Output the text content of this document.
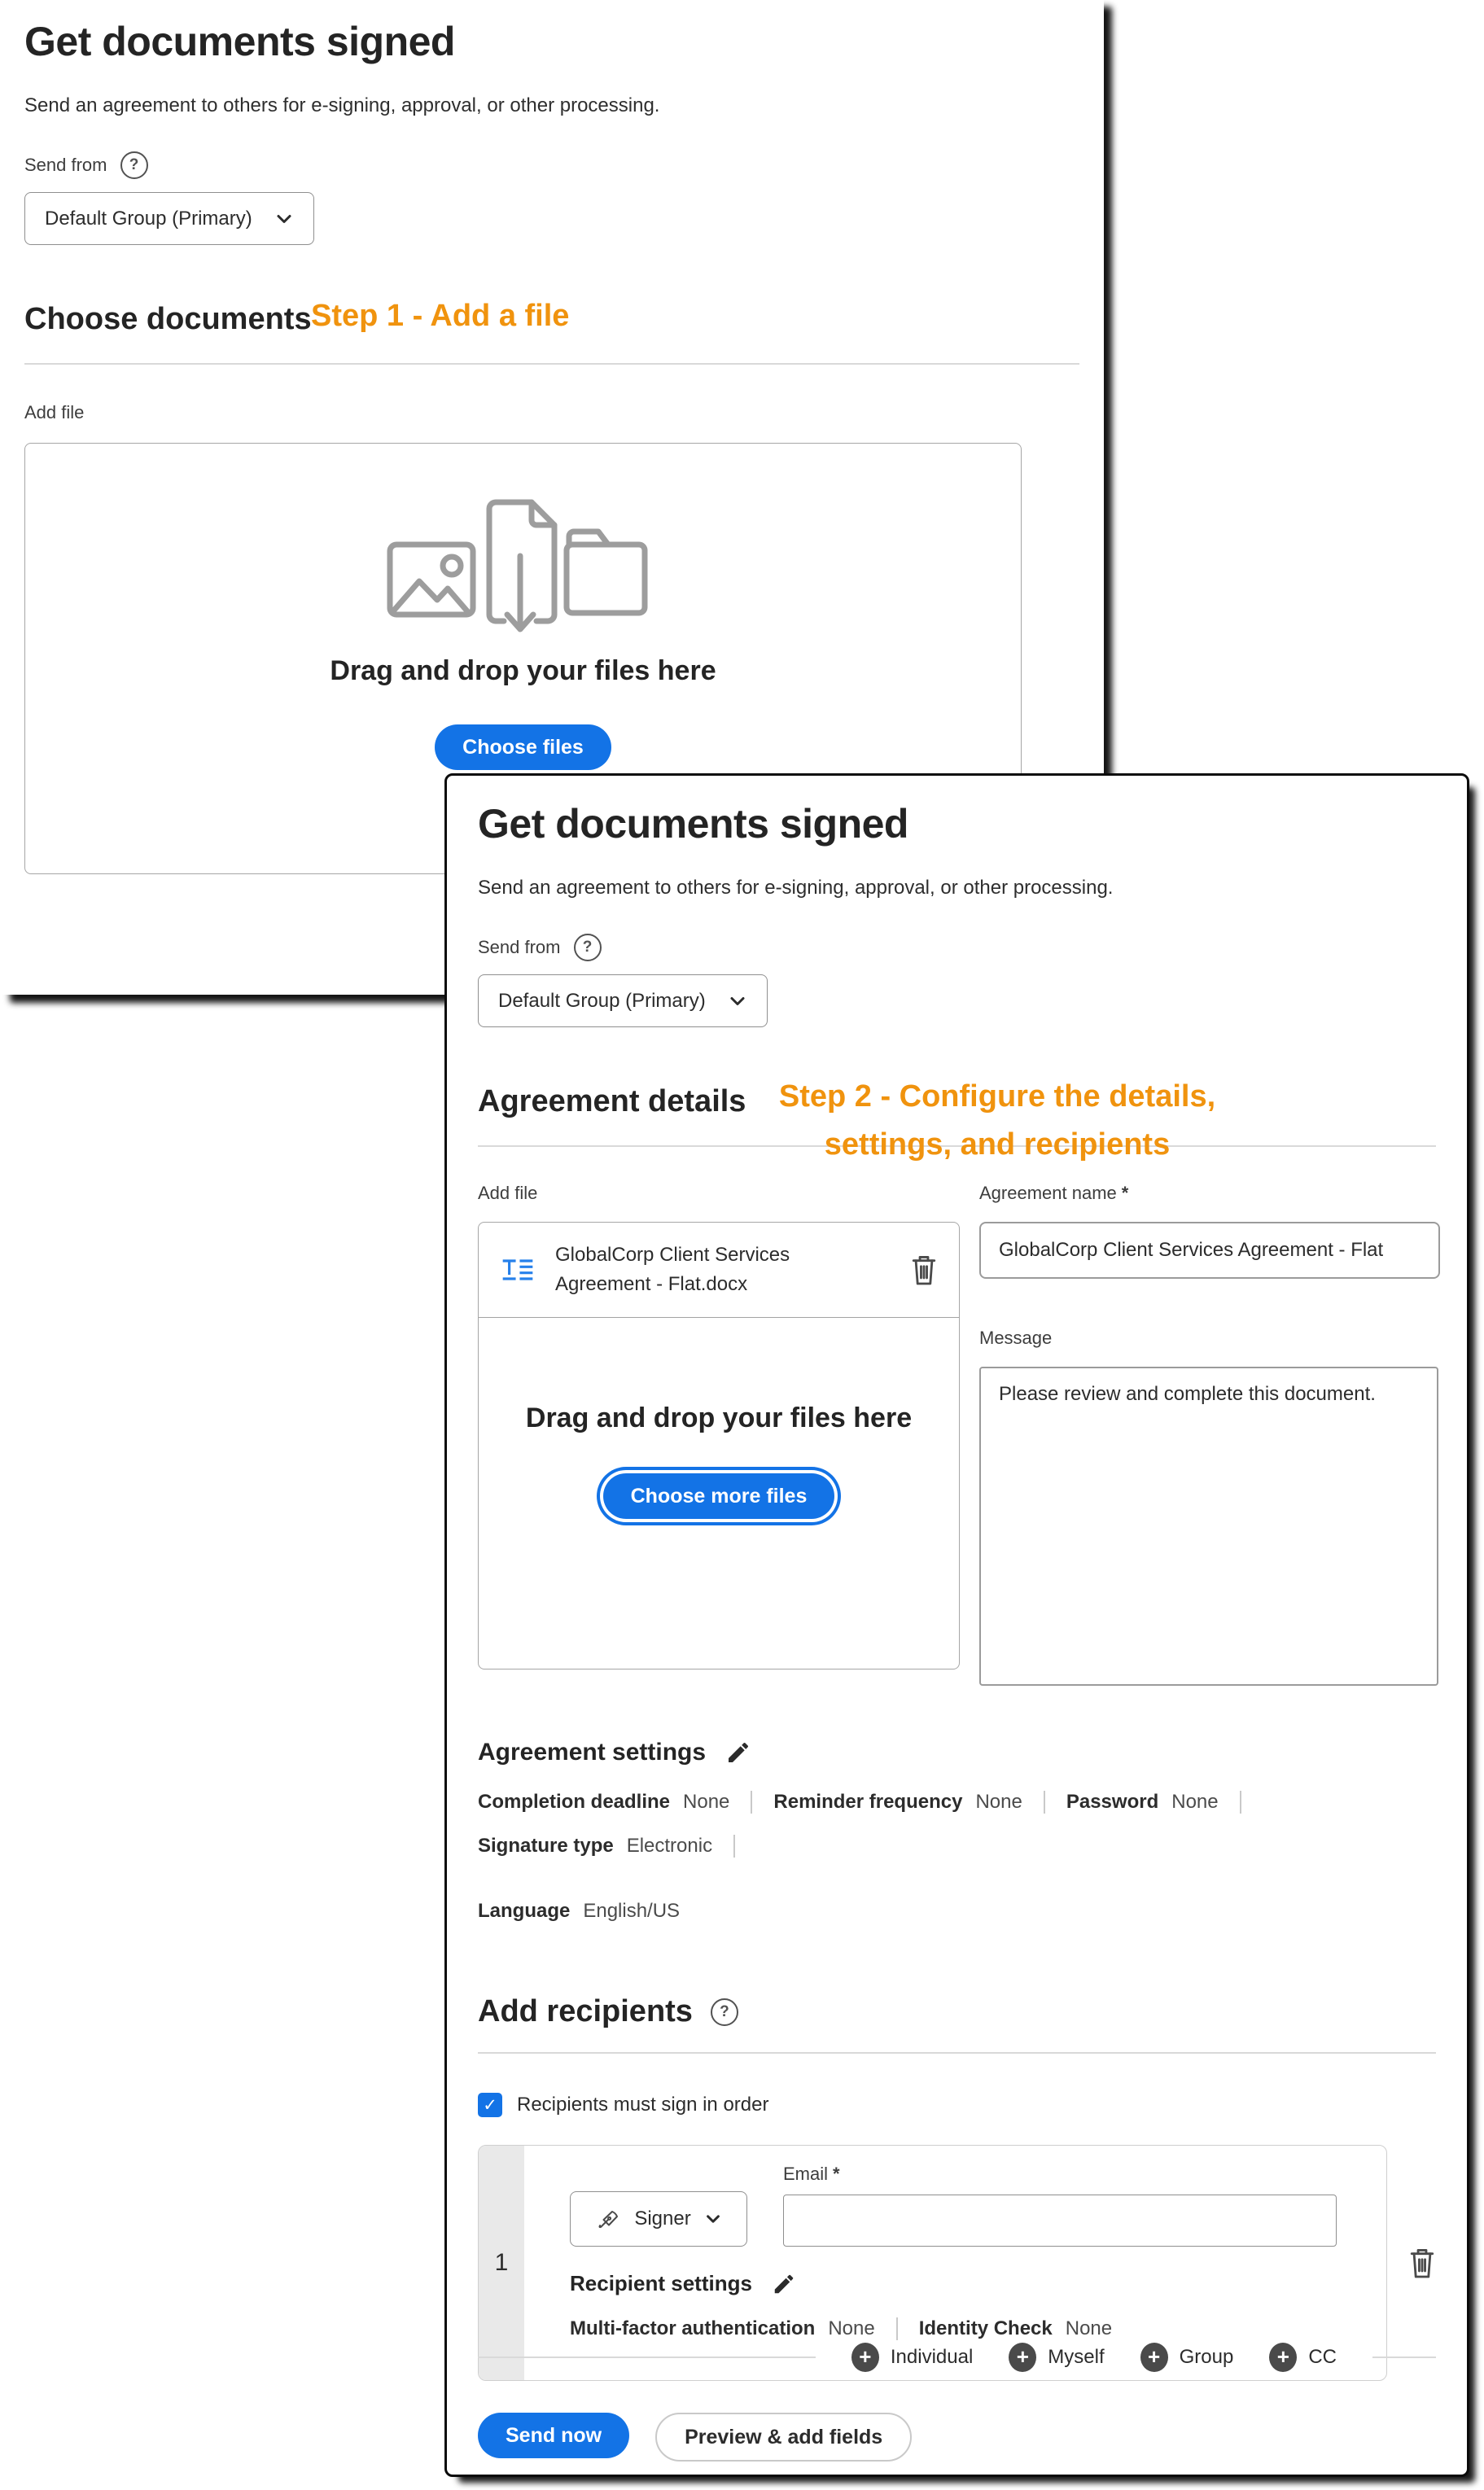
Get documents signed

Send an agreement to others for e-signing, approval, or other processing.

Send from	?
Default Group (Primary)
Choose documents Step 1 - Add a file
Add file
Drag and drop your files here
Choose files
Get documents signed

Send an agreement to others for e-signing, approval, or other processing.

Send from	?
Default Group (Primary)
Agreement details	Step 2 - Configure the details,
settings, and recipients
Add file
GlobalCorp Client Services Agreement - Flat.docx
Drag and drop your files here
Choose more files
Agreement name *
GlobalCorp Client Services Agreement - Flat
Message
Please review and complete this document.
Agreement settings
Completion deadline None Reminder frequency None Password None
Signature type Electronic
Language English/US
Add recipients	?
✓ Recipients must sign in order
1
Signer
Email *
Recipient settings
Multi-factor authentication None Identity Check None
+ Individual	+ Myself	+ Group	+ CC
Send now	Preview & add fields
